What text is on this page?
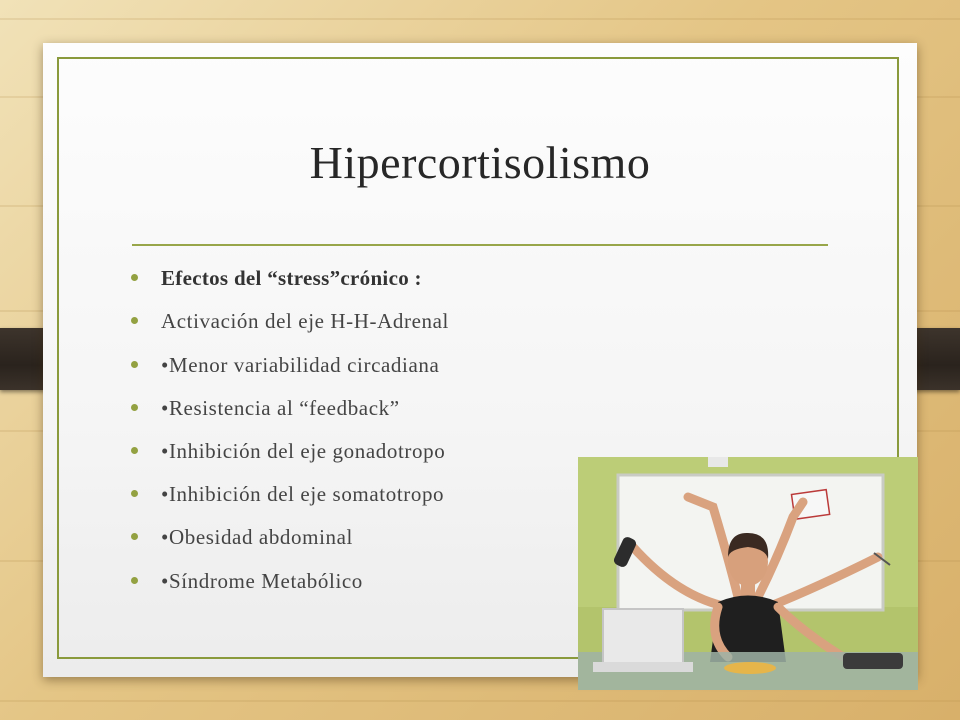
Hipercortisolismo
Efectos del “stress”crónico :
Activación del eje H-H-Adrenal
•Menor variabilidad circadiana
•Resistencia al “feedback”
•Inhibición del eje gonadotropo
•Inhibición del eje somatotropo
•Obesidad abdominal
•Síndrome Metabólico
